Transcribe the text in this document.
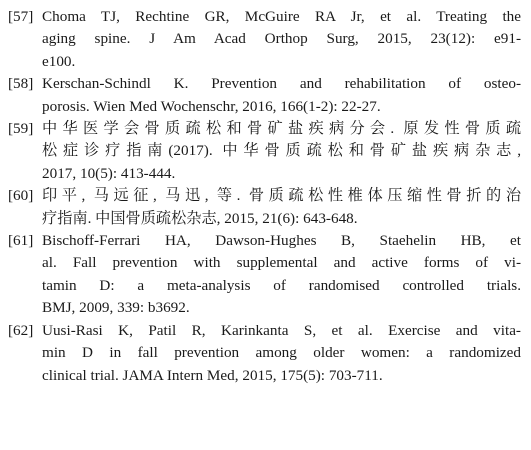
[57] Choma TJ, Rechtine GR, McGuire RA Jr, et al. Treating the
aging spine. J Am Acad Orthop Surg, 2015, 23(12): e91-
e100.
[58] Kerschan-Schindl K. Prevention and rehabilitation of osteo-
porosis. Wien Med Wochenschr, 2016, 166(1-2): 22-27.
[59] 中华医学会骨质疏松和骨矿盐疾病分会. 原发性骨质疏
松症诊疗指南(2017). 中华骨质疏松和骨矿盐疾病杂志,
2017, 10(5): 413-444.
[60] 印平, 马远征, 马迅, 等. 骨质疏松性椎体压缩性骨折的治
疗指南. 中国骨质疏松杂志, 2015, 21(6): 643-648.
[61] Bischoff-Ferrari HA, Dawson-Hughes B, Staehelin HB, et
al. Fall prevention with supplemental and active forms of vi-
tamin D: a meta-analysis of randomised controlled trials.
BMJ, 2009, 339: b3692.
[62] Uusi-Rasi K, Patil R, Karinkanta S, et al. Exercise and vita-
min D in fall prevention among older women: a randomized
clinical trial. JAMA Intern Med, 2015, 175(5): 703-711.
